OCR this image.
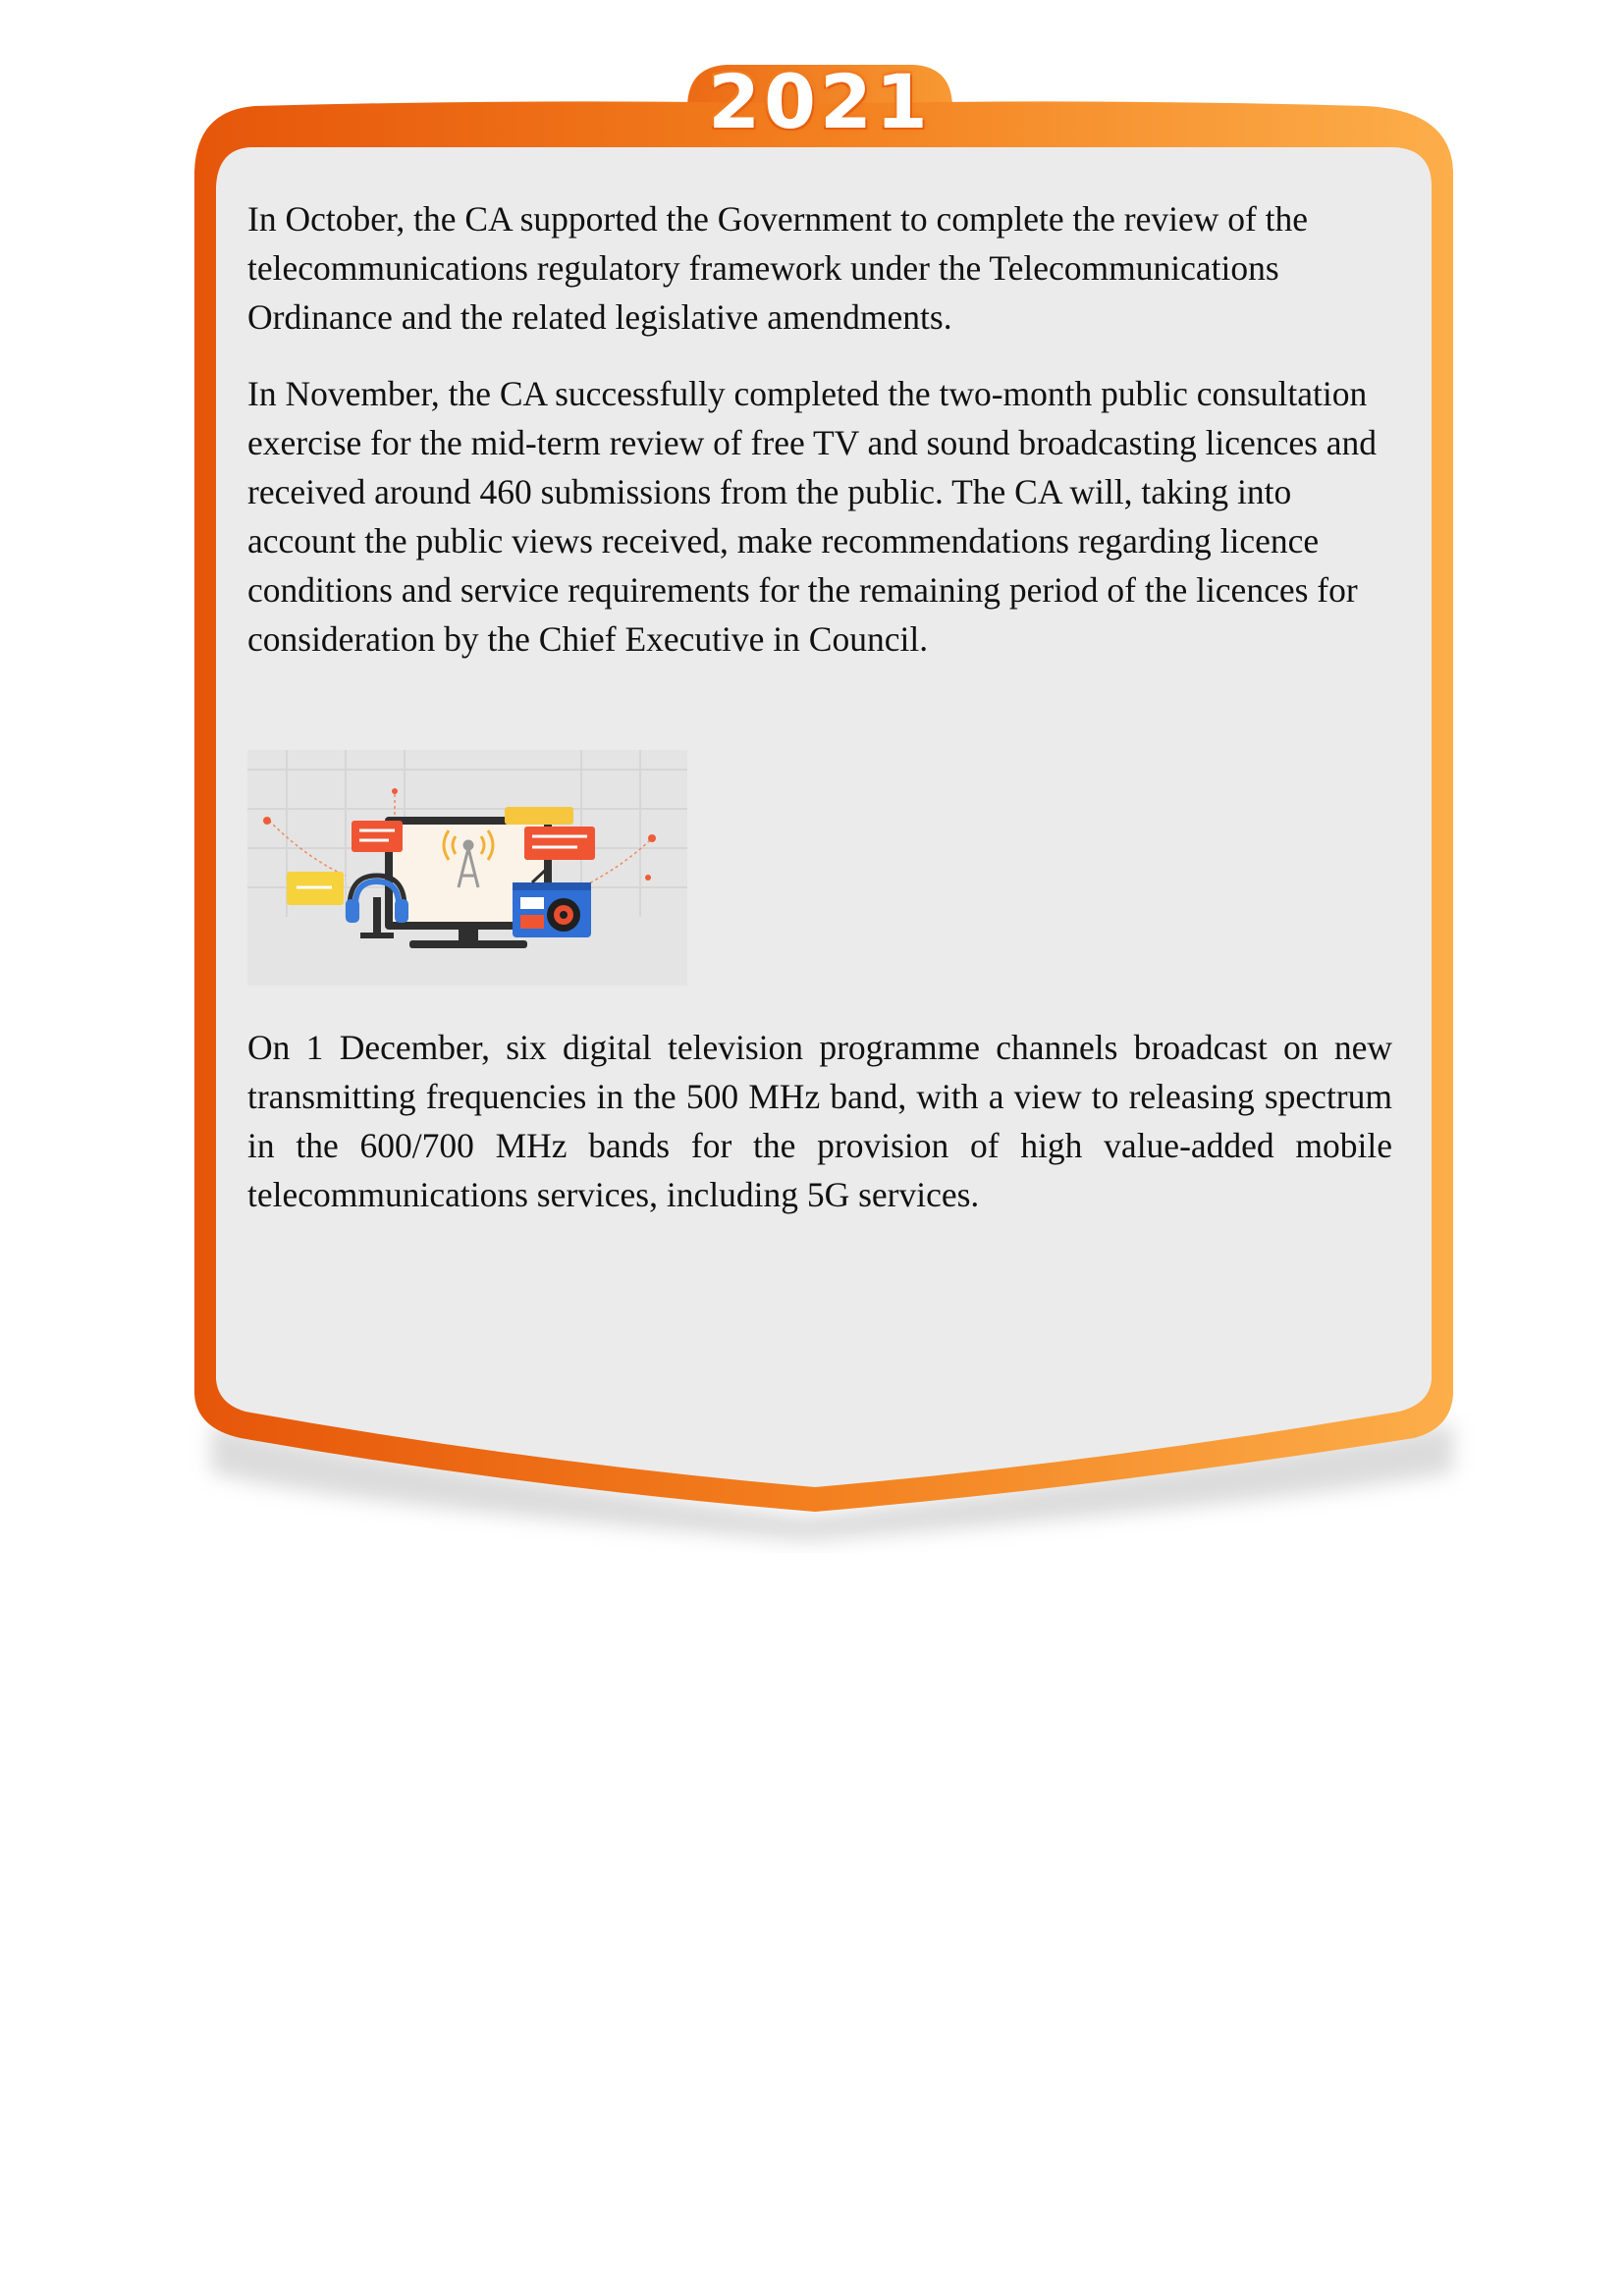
2021

In October, the CA supported the Government to complete the review of the telecommunications regulatory framework under the Telecommunications Ordinance and the related legislative amendments.

In November, the CA successfully completed the two-month public consultation exercise for the mid-term review of free TV and sound broadcasting licences and received around 460 submissions from the public. The CA will, taking into account the public views received, make recommendations regarding licence conditions and service requirements for the remaining period of the licences for consideration by the Chief Executive in Council.

On 1 December, six digital television programme channels broadcast on new transmitting frequencies in the 500 MHz band, with a view to releasing spectrum in the 600/700 MHz bands for the provision of high value-added mobile telecommunications services, including 5G services.
